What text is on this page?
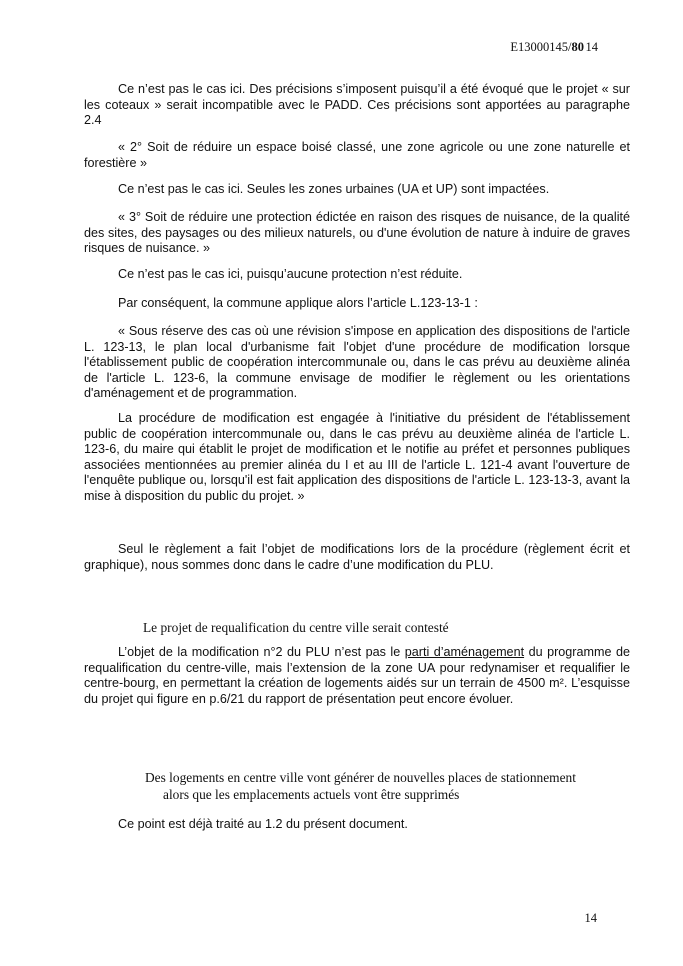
E13000145/80 14

Ce n’est pas le cas ici. Des précisions s’imposent puisqu’il a été évoqué que le projet « sur les coteaux » serait incompatible avec le PADD. Ces précisions sont apportées au paragraphe 2.4

« 2° Soit de réduire un espace boisé classé, une zone agricole ou une zone naturelle et forestière »

Ce n’est pas le cas ici. Seules les zones urbaines (UA et UP) sont impactées.

« 3° Soit de réduire une protection édictée en raison des risques de nuisance, de la qualité des sites, des paysages ou des milieux naturels, ou d'une évolution de nature à induire de graves risques de nuisance. »

Ce n’est pas le cas ici, puisqu’aucune protection n’est réduite.

Par conséquent, la commune applique alors l’article L.123-13-1 :

« Sous réserve des cas où une révision s'impose en application des dispositions de l'article L. 123-13, le plan local d'urbanisme fait l'objet d'une procédure de modification lorsque l'établissement public de coopération intercommunale ou, dans le cas prévu au deuxième alinéa de l'article L. 123-6, la commune envisage de modifier le règlement ou les orientations d'aménagement et de programmation.

La procédure de modification est engagée à l'initiative du président de l'établissement public de coopération intercommunale ou, dans le cas prévu au deuxième alinéa de l'article L. 123-6, du maire qui établit le projet de modification et le notifie au préfet et personnes publiques associées mentionnées au premier alinéa du I et au III de l'article L. 121-4 avant l'ouverture de l'enquête publique ou, lorsqu'il est fait application des dispositions de l'article L. 123-13-3, avant la mise à disposition du public du projet. »

Seul le règlement a fait l’objet de modifications lors de la procédure (règlement écrit et graphique), nous sommes donc dans le cadre d’une modification du PLU.

Le projet de requalification du centre ville serait contesté

L’objet de la modification n°2 du PLU n’est pas le parti d’aménagement du programme de requalification du centre-ville, mais l’extension de la zone UA pour redynamiser et requalifier le centre-bourg, en permettant la création de logements aidés sur un terrain de 4500 m². L’esquisse du projet qui figure en p.6/21 du rapport de présentation peut encore évoluer.

Des logements en centre ville vont générer de nouvelles places de stationnement
alors que les emplacements actuels vont être supprimés

Ce point est déjà traité au 1.2 du présent document.

14
